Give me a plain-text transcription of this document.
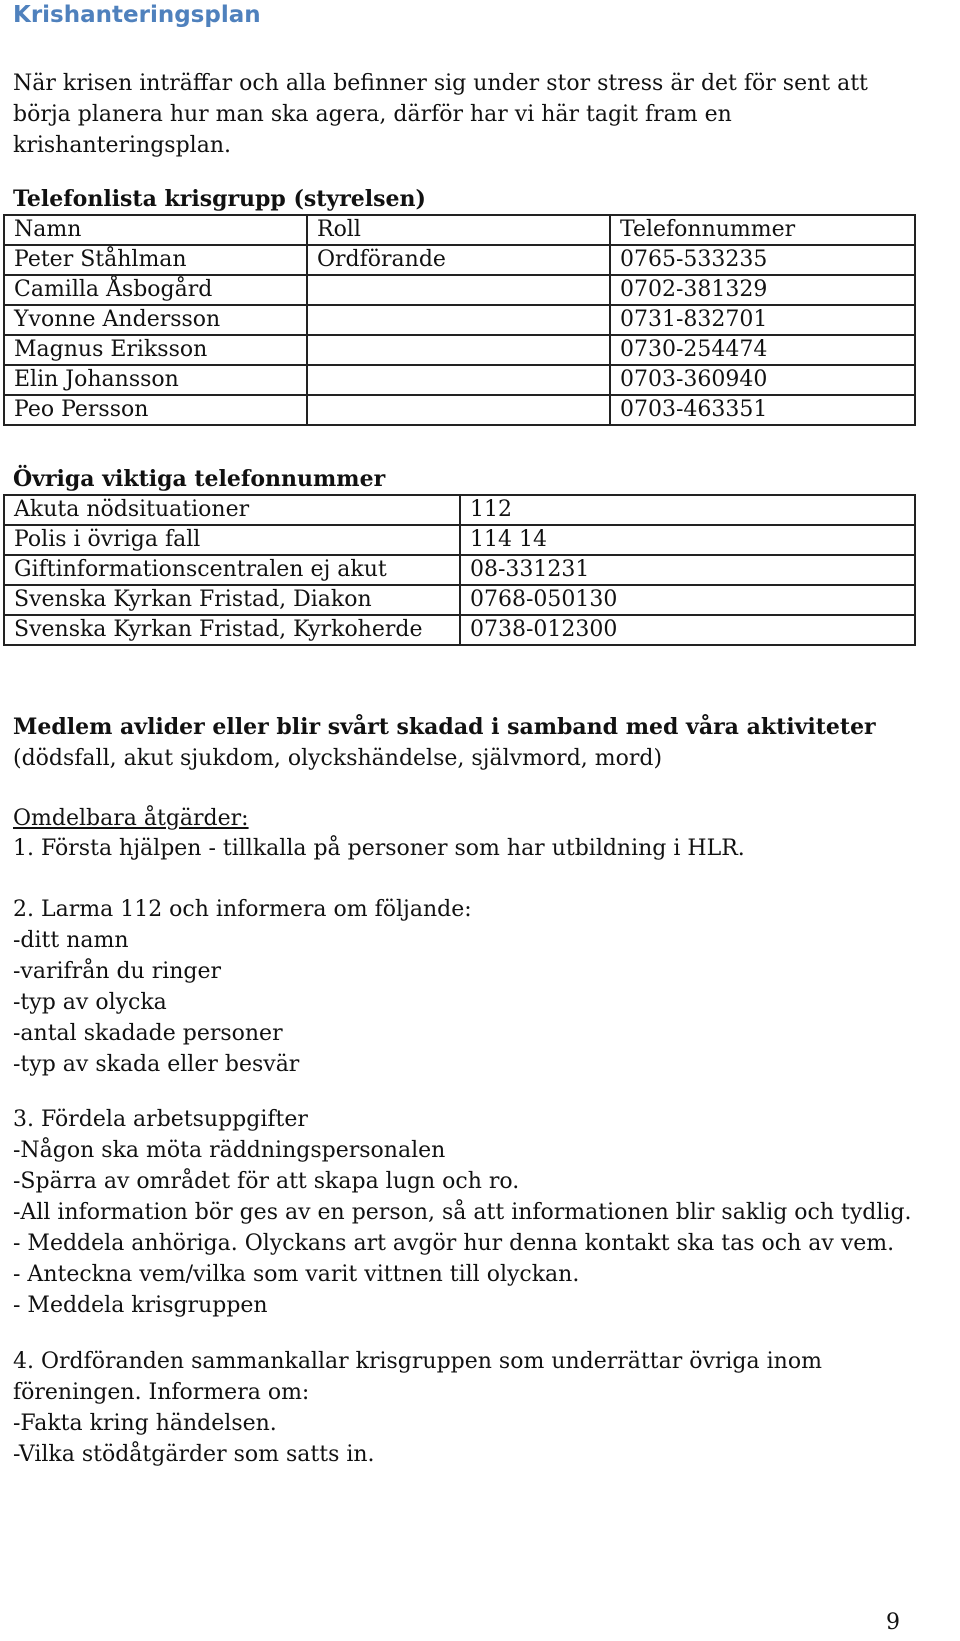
Krishanteringsplan
När krisen inträffar och alla befinner sig under stor stress är det för sent att
börja planera hur man ska agera, därför har vi här tagit fram en
krishanteringsplan.
Telefonlista krisgrupp (styrelsen)
Namn	Roll	Telefonnummer
Peter Ståhlman	Ordförande	0765-533235
Camilla Åsbogård		0702-381329
Yvonne Andersson		0731-832701
Magnus Eriksson		0730-254474
Elin Johansson		0703-360940
Peo Persson		0703-463351
Övriga viktiga telefonnummer
Akuta nödsituationer	112
Polis i övriga fall	114 14
Giftinformationscentralen ej akut	08-331231
Svenska Kyrkan Fristad, Diakon	0768-050130
Svenska Kyrkan Fristad, Kyrkoherde	0738-012300
Medlem avlider eller blir svårt skadad i samband med våra aktiviteter
(dödsfall, akut sjukdom, olyckshändelse, självmord, mord)
Omdelbara åtgärder:
1. Första hjälpen - tillkalla på personer som har utbildning i HLR.
2. Larma 112 och informera om följande:
-ditt namn
-varifrån du ringer
-typ av olycka
-antal skadade personer
-typ av skada eller besvär
3. Fördela arbetsuppgifter
-Någon ska möta räddningspersonalen
-Spärra av området för att skapa lugn och ro.
-All information bör ges av en person, så att informationen blir saklig och tydlig.
- Meddela anhöriga. Olyckans art avgör hur denna kontakt ska tas och av vem.
- Anteckna vem/vilka som varit vittnen till olyckan.
- Meddela krisgruppen
4. Ordföranden sammankallar krisgruppen som underrättar övriga inom
föreningen. Informera om:
-Fakta kring händelsen.
-Vilka stödåtgärder som satts in.
9
